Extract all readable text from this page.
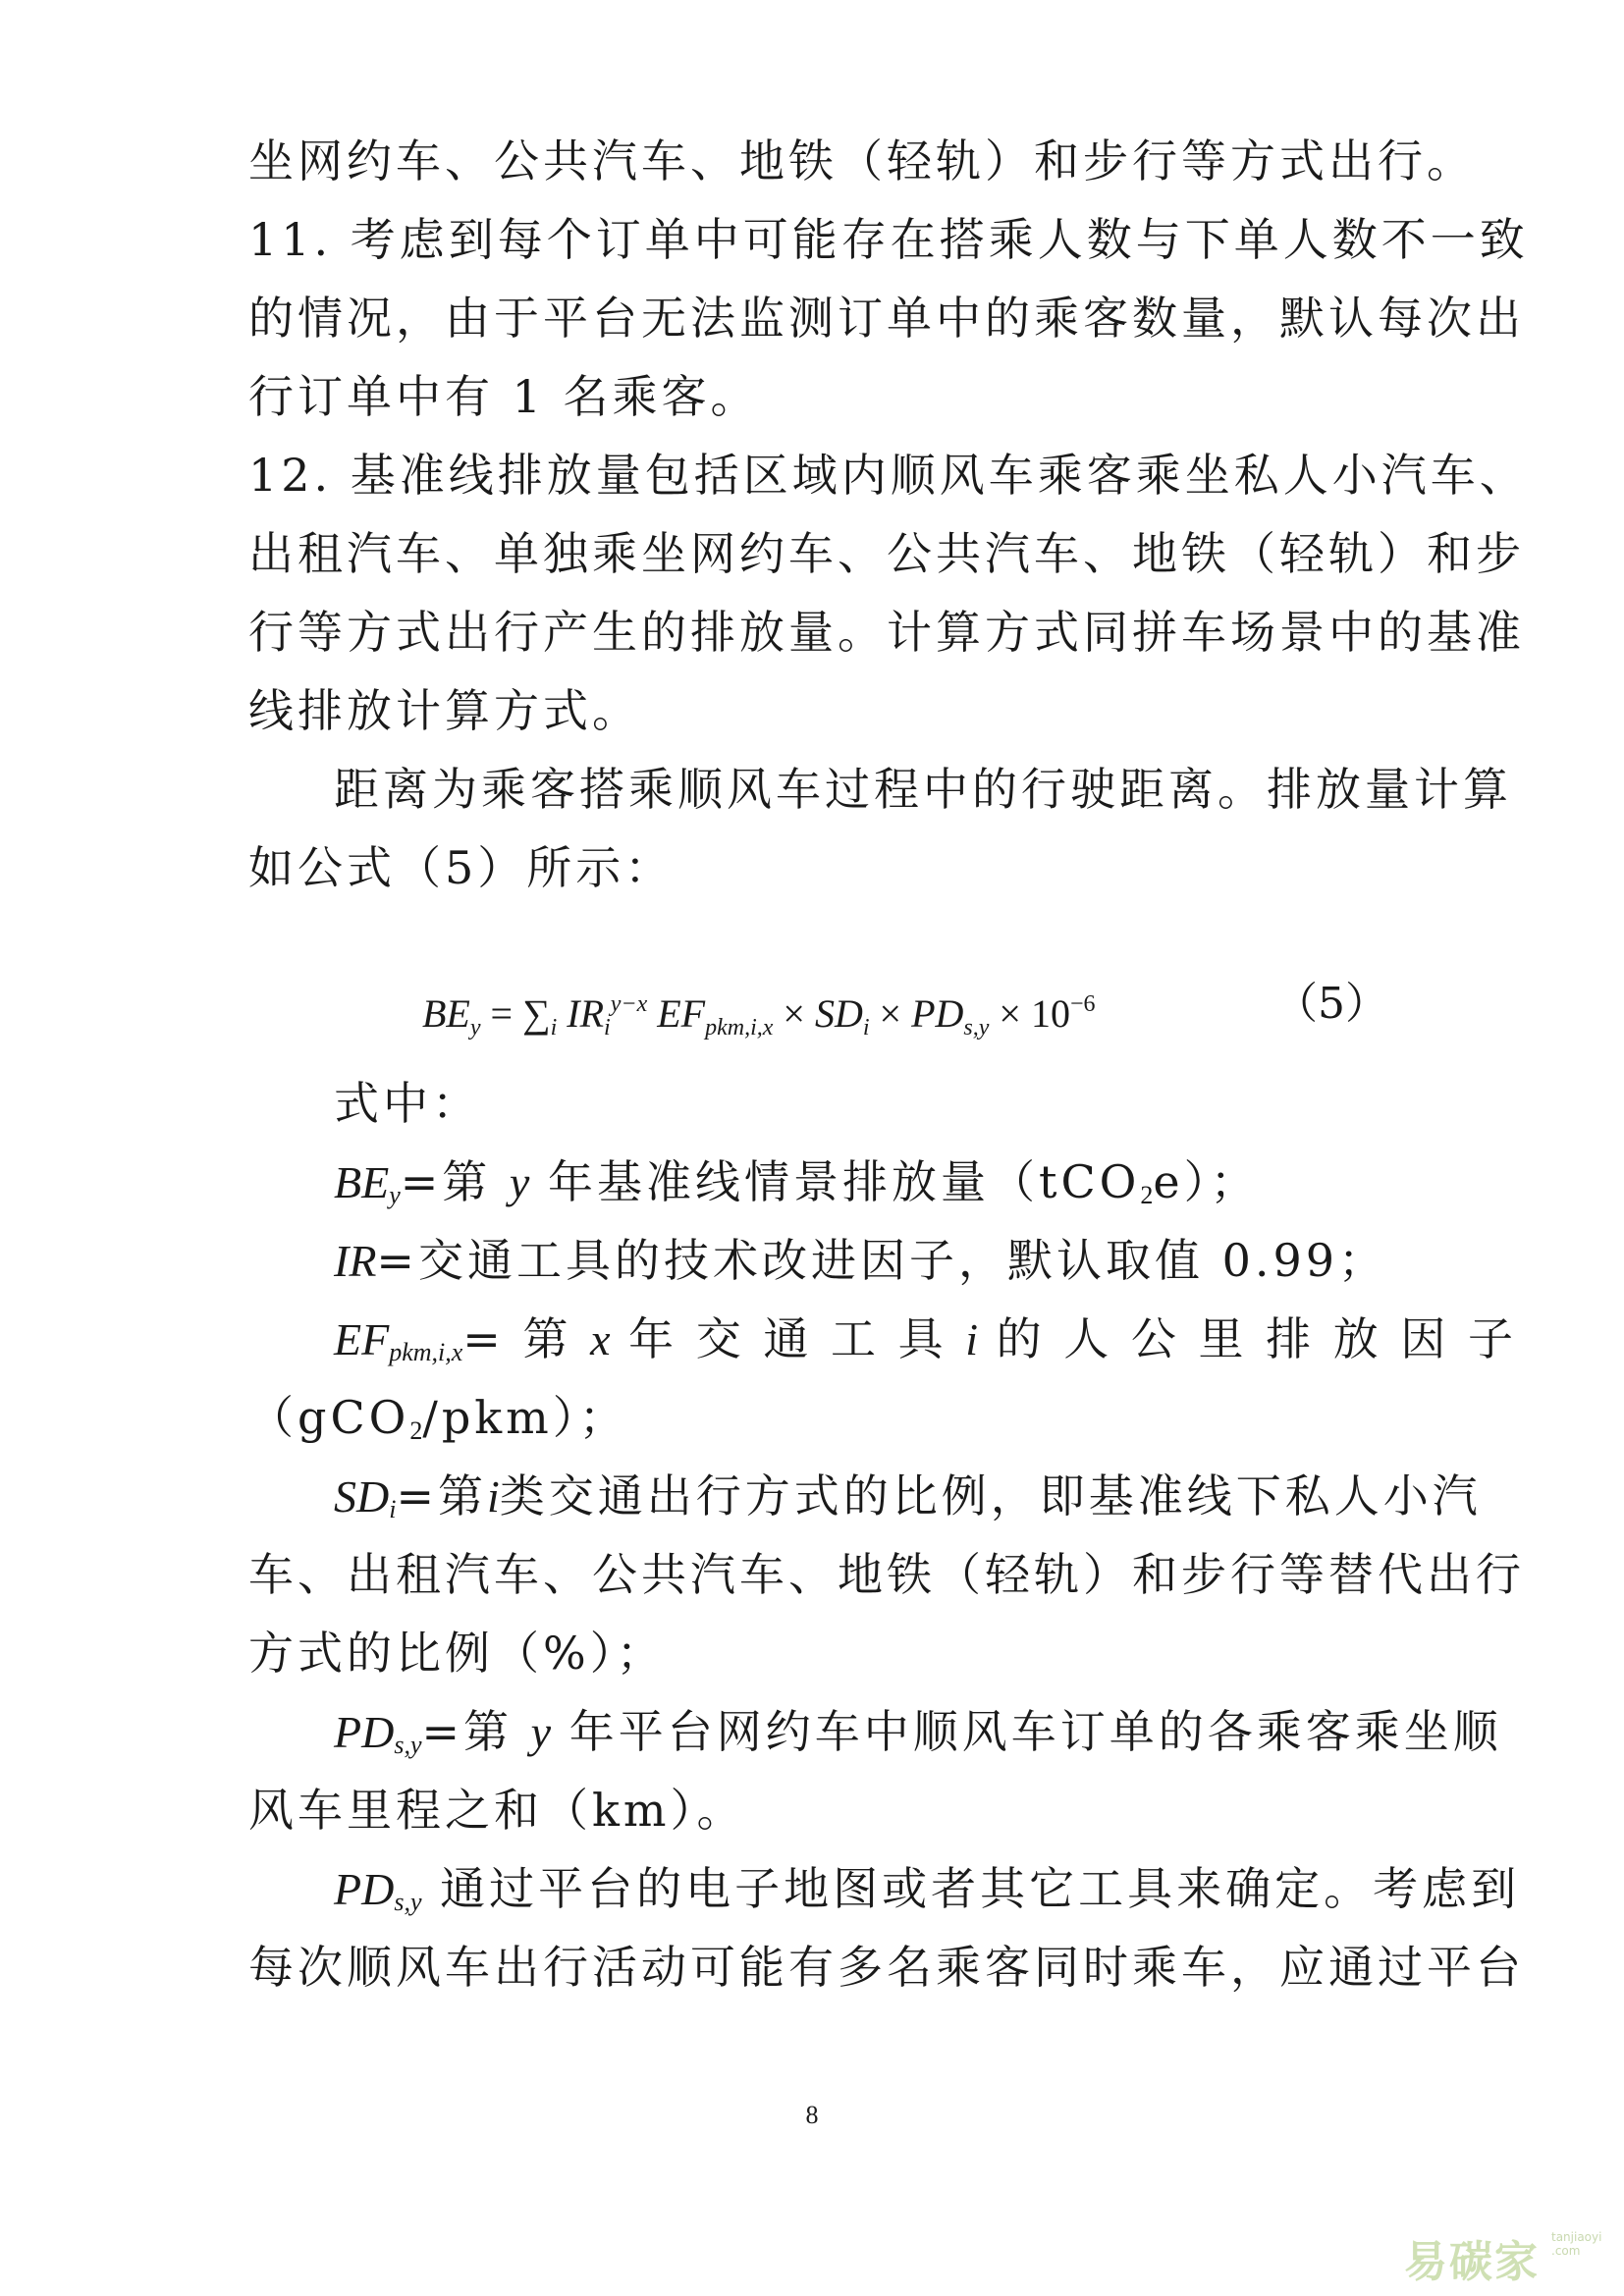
坐网约车、公共汽车、地铁（轻轨）和步行等方式出行。
11. 考虑到每个订单中可能存在搭乘人数与下单人数不一致
的情况，由于平台无法监测订单中的乘客数量，默认每次出
行订单中有 1 名乘客。
12. 基准线排放量包括区域内顺风车乘客乘坐私人小汽车、
出租汽车、单独乘坐网约车、公共汽车、地铁（轻轨）和步
行等方式出行产生的排放量。计算方式同拼车场景中的基准
线排放计算方式。
距离为乘客搭乘顺风车过程中的行驶距离。排放量计算
如公式（5）所示：
$BE_y = \sum_i$ $IR_i^{y-x}$ $EF_{pkm,i,x} \times SD_i \times PD_{s,y} \times 10^{-6}$	（5）
式中：
$BE_y=$第 y 年基准线情景排放量（tCO$_2$e）；
IR=交通工具的技术改进因子，默认取值 0.99；
$EF_{pkm,i,x}=$ 第 x 年 交 通 工 具 i 的 人 公 里 排 放 因 子
（gCO$_2$/pkm）；
$SD_i=$第i类交通出行方式的比例，即基准线下私人小汽
车、出租汽车、公共汽车、地铁（轻轨）和步行等替代出行
方式的比例（%）；
$PD_{s,y}=$第 y 年平台网约车中顺风车订单的各乘客乘坐顺
风车里程之和（km）。
$PD_{s,y}$ 通过平台的电子地图或者其它工具来确定。考虑到
每次顺风车出行活动可能有多名乘客同时乘车，应通过平台
8
易碳家 tanjiaoyi
.com
